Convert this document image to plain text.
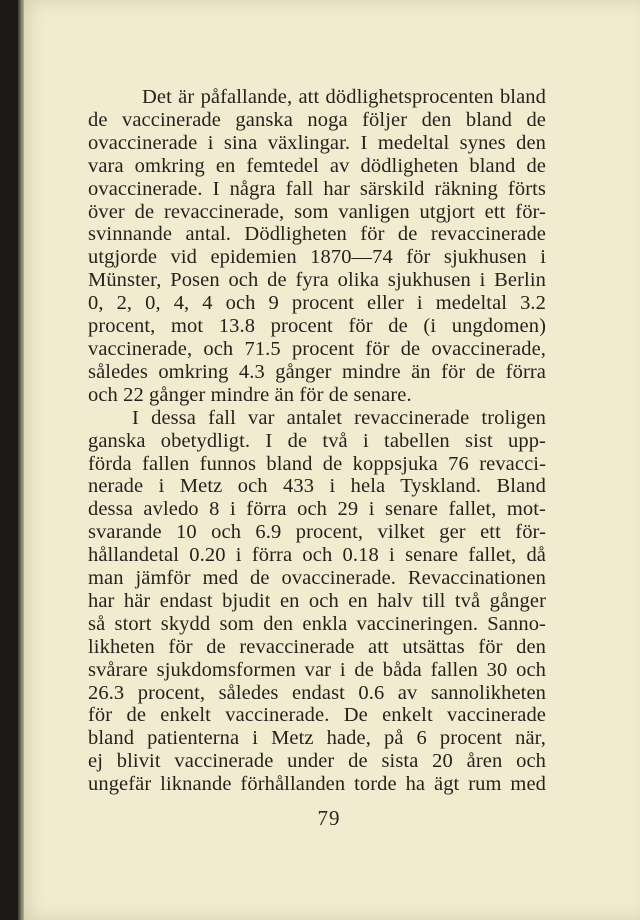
Det är påfallande, att dödlighetsprocenten bland
de vaccinerade ganska noga följer den bland de
ovaccinerade i sina växlingar. I medeltal synes den
vara omkring en femtedel av dödligheten bland de
ovaccinerade. I några fall har särskild räkning förts
över de revaccinerade, som vanligen utgjort ett för-
svinnande antal. Dödligheten för de revaccinerade
utgjorde vid epidemien 1870—74 för sjukhusen i
Münster, Posen och de fyra olika sjukhusen i Berlin
0, 2, 0, 4, 4 och 9 procent eller i medeltal 3.2
procent, mot 13.8 procent för de (i ungdomen)
vaccinerade, och 71.5 procent för de ovaccinerade,
således omkring 4.3 gånger mindre än för de förra
och 22 gånger mindre än för de senare.
I dessa fall var antalet revaccinerade troligen
ganska obetydligt. I de två i tabellen sist upp-
förda fallen funnos bland de koppsjuka 76 revacci-
nerade i Metz och 433 i hela Tyskland. Bland
dessa avledo 8 i förra och 29 i senare fallet, mot-
svarande 10 och 6.9 procent, vilket ger ett för-
hållandetal 0.20 i förra och 0.18 i senare fallet, då
man jämför med de ovaccinerade. Revaccinationen
har här endast bjudit en och en halv till två gånger
så stort skydd som den enkla vaccineringen. Sanno-
likheten för de revaccinerade att utsättas för den
svårare sjukdomsformen var i de båda fallen 30 och
26.3 procent, således endast 0.6 av sannolikheten
för de enkelt vaccinerade. De enkelt vaccinerade
bland patienterna i Metz hade, på 6 procent när,
ej blivit vaccinerade under de sista 20 åren och
ungefär liknande förhållanden torde ha ägt rum med
79
